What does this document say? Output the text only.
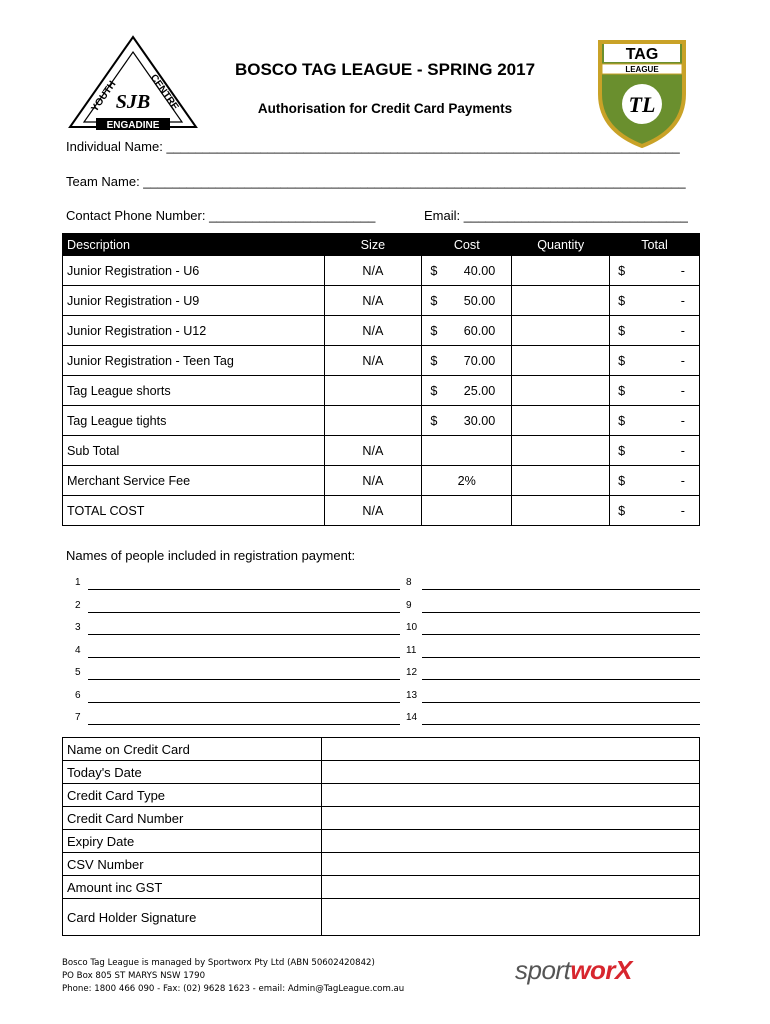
ENGADINE
YOUTH	CENTRE
SJB
BOSCO TAG LEAGUE - SPRING 2017
Authorisation for Credit Card Payments
TAG
LEAGUE
TL
Individual Name: _______________________________________________________________________
Team Name: ___________________________________________________________________________
Contact Phone Number: _______________________	Email: _______________________________
Description	Size	Cost	Quantity	Total
Junior Registration - U6	N/A	$ 40.00		$ -

Junior Registration - U9	N/A	$ 50.00		$ -

Junior Registration - U12	N/A	$ 60.00		$ -

Junior Registration - Teen Tag	N/A	$ 70.00		$ -

Tag League shorts		$ 25.00		$ -

Tag League tights		$ 30.00		$ -

Sub Total	N/A			$ -

Merchant Service Fee	N/A	2%		$ -

TOTAL COST	N/A			$ -
Names of people included in registration payment:
1
2
3
4
5
6
7
8
9
10
11
12
13
14
Name on Credit Card	
Today's Date	
Credit Card Type	
Credit Card Number	
Expiry Date	
CSV Number	
Amount inc GST	
Card Holder Signature	
Bosco Tag League is managed by Sportworx Pty Ltd (ABN 50602420842)
PO Box 805 ST MARYS NSW 1790
Phone: 1800 466 090 - Fax: (02) 9628 1623 - email: Admin@TagLeague.com.au
sportworX
